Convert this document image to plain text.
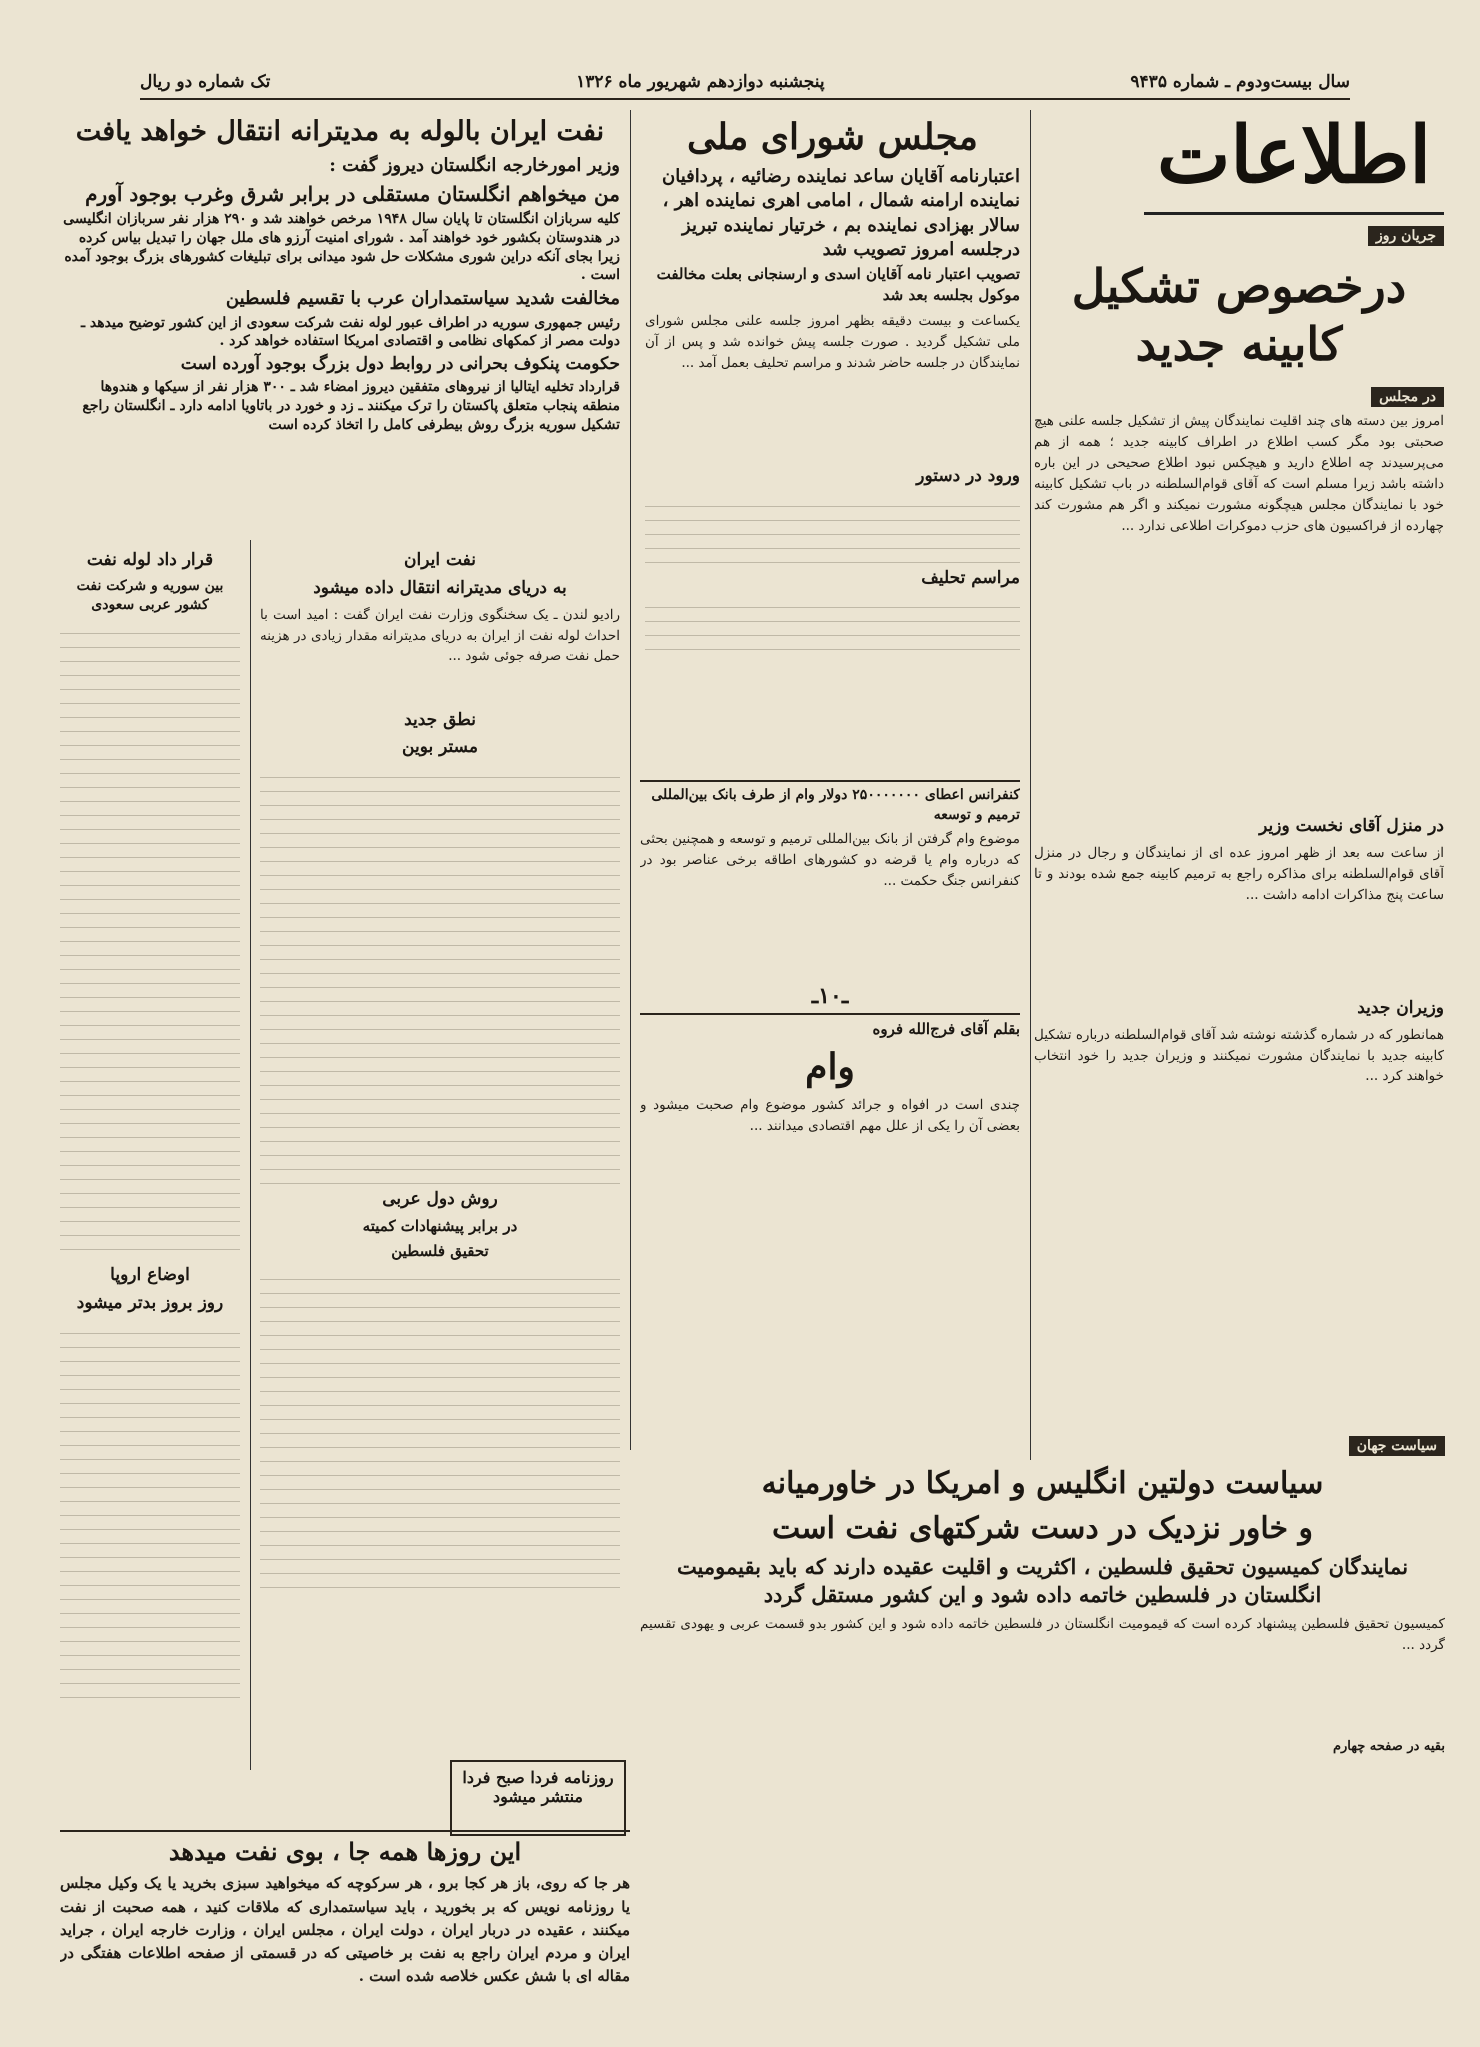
سال بیست‌ودوم ـ شماره ۹۴۳۵
پنجشنبه دوازدهم شهریور ماه ۱۳۲۶
تک شماره دو ریال
اطلاعات
جریان روز
درخصوص تشکیل کابینه جدید
در مجلس
امروز بین دسته های چند اقلیت نمایندگان پیش از تشکیل جلسه علنی هیچ صحبتی بود مگر کسب اطلاع در اطراف کابینه جدید ؛ همه از هم می‌پرسیدند چه اطلاع دارید و هیچکس نبود اطلاع صحیحی در این باره داشته باشد زیرا مسلم است که آقای قوام‌السلطنه در باب تشکیل کابینه خود با نمایندگان مجلس هیچگونه مشورت نمیکند و اگر هم مشورت کند چهارده از فراکسیون های حزب دموکرات اطلاعی ندارد ...
در منزل آقای نخست وزیر
از ساعت سه بعد از ظهر امروز عده ای از نمایندگان و رجال در منزل آقای قوام‌السلطنه برای مذاکره راجع به ترمیم کابینه جمع شده بودند و تا ساعت پنج مذاکرات ادامه داشت ...
وزیران جدید
همانطور که در شماره گذشته نوشته شد آقای قوام‌السلطنه درباره تشکیل کابینه جدید با نمایندگان مشورت نمیکنند و وزیران جدید را خود انتخاب خواهند کرد ...
مجلس شورای ملی
اعتبارنامه آقایان ساعد نماینده رضائیه ، پردافیان نماینده ارامنه شمال ، امامی اهری نماینده اهر ، سالار بهزادی نماینده بم ، خرتیار نماینده تبریز درجلسه امروز تصویب شد
تصویب اعتبار نامه آقایان اسدی و ارسنجانی بعلت مخالفت موکول بجلسه بعد شد
یکساعت و بیست دقیقه بظهر امروز جلسه علنی مجلس شورای ملی تشکیل گردید . صورت جلسه پیش خوانده شد و پس از آن نمایندگان در جلسه حاضر شدند و مراسم تحلیف بعمل آمد ...
ورود در دستور
مراسم تحلیف
کنفرانس اعطای ۲۵۰۰۰۰۰۰۰ دولار وام از طرف بانک بین‌المللی ترمیم و توسعه
موضوع وام گرفتن از بانک بین‌المللی ترمیم و توسعه و همچنین بحثی که درباره وام یا قرضه دو کشورهای اطاقه برخی عناصر بود در کنفرانس جنگ حکمت ...
ـ۱۰ـ
بقلم آقای فرج‌الله فروه
وام
چندی است در افواه و جرائد کشور موضوع وام صحبت میشود و بعضی آن را یکی از علل مهم اقتصادی میدانند ...
نفت ایران بالوله به مدیترانه انتقال خواهد یافت
وزیر امورخارجه انگلستان دیروز گفت :
من میخواهم انگلستان مستقلی در برابر شرق وغرب بوجود آورم
کلیه سربازان انگلستان تا پایان سال ۱۹۴۸ مرخص خواهند شد و ۲۹۰ هزار نفر سربازان انگلیسی در هندوستان بکشور خود خواهند آمد . شورای امنیت آرزو های ملل جهان را تبدیل بیاس کرده زیرا بجای آنکه دراین شوری مشکلات حل شود میدانی برای تبلیغات کشورهای بزرگ بوجود آمده است .
مخالفت شدید سیاستمداران عرب با تقسیم فلسطین
رئیس جمهوری سوریه در اطراف عبور لوله نفت شرکت سعودی از این کشور توضیح میدهد ـ دولت مصر از کمکهای نظامی و اقتصادی امریکا استفاده خواهد کرد .
حکومت پنکوف بحرانی در روابط دول بزرگ بوجود آورده است
قرارداد تخلیه ایتالیا از نیروهای متفقین دیروز امضاء شد ـ ۳۰۰ هزار نفر از سیکها و هندوها منطقه پنجاب متعلق پاکستان را ترک میکنند ـ زد و خورد در باتاویا ادامه دارد ـ انگلستان راجع تشکیل سوریه بزرگ روش بیطرفی کامل را اتخاذ کرده است
قرار داد لوله نفت
بین سوریه و شرکت نفت کشور عربی سعودی
اوضاع اروپا
روز بروز بدتر میشود
نفت ایران
به دریای مدیترانه انتقال داده میشود
رادیو لندن ـ یک سخنگوی وزارت نفت ایران گفت : امید است با احداث لوله نفت از ایران به دریای مدیترانه مقدار زیادی در هزینه حمل نفت صرفه جوئی شود ...
نطق جدید
مستر بوین
روش دول عربی
در برابر پیشنهادات کمیته
تحقیق فلسطین
روزنامه فردا صبح فردا منتشر میشود
سیاست جهان
سیاست دولتین انگلیس و امریکا در خاورمیانه
و خاور نزدیک در دست شرکتهای نفت است
نمایندگان کمیسیون تحقیق فلسطین ، اکثریت و اقلیت عقیده دارند که باید بقیمومیت انگلستان در فلسطین خاتمه داده شود و این کشور مستقل گردد
کمیسیون تحقیق فلسطین پیشنهاد کرده است که قیمومیت انگلستان در فلسطین خاتمه داده شود و این کشور بدو قسمت عربی و یهودی تقسیم گردد ...
بقیه در صفحه چهارم
این روزها همه جا ، بوی نفت میدهد
هر جا که روی، باز هر کجا برو ، هر سرکوچه که میخواهید سبزی بخرید یا یک وکیل مجلس یا روزنامه نویس که بر بخورید ، باید سیاستمداری که ملاقات کنید ، همه صحبت از نفت میکنند ، عقیده در دربار ایران ، دولت ایران ، مجلس ایران ، وزارت خارجه ایران ، جراید ایران و مردم ایران راجع به نفت بر خاصیتی که در قسمتی از صفحه اطلاعات هفتگی در مقاله ای با شش عکس خلاصه شده است .
